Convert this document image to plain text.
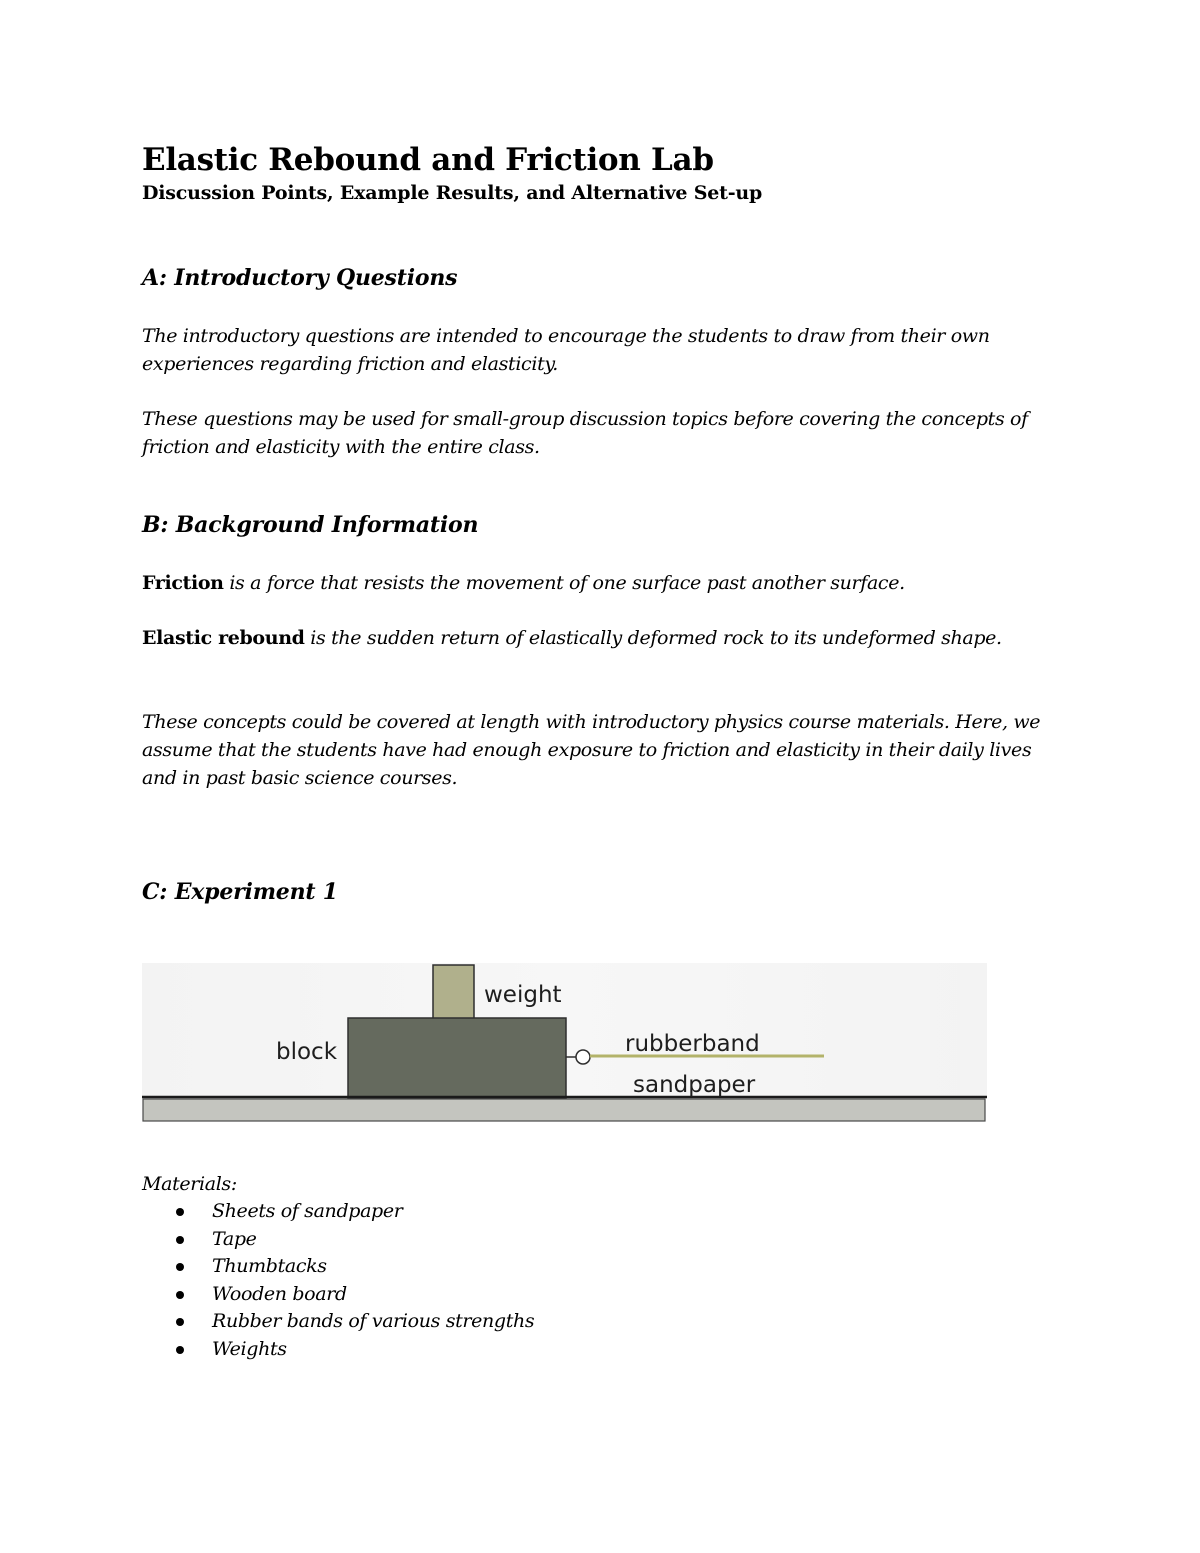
Elastic Rebound and Friction Lab

Discussion Points, Example Results, and Alternative Set-up

A: Introductory Questions

The introductory questions are intended to encourage the students to draw from their own experiences regarding friction and elasticity.

These questions may be used for small-group discussion topics before covering the concepts of friction and elasticity with the entire class.

B: Background Information

Friction is a force that resists the movement of one surface past another surface.

Elastic rebound is the sudden return of elastically deformed rock to its undeformed shape.

These concepts could be covered at length with introductory physics course materials. Here, we assume that the students have had enough exposure to friction and elasticity in their daily lives and in past basic science courses.

C: Experiment 1
weight
block	rubberband
sandpaper

Materials:

Sheets of sandpaper
Tape
Thumbtacks
Wooden board
Rubber bands of various strengths
Weights
